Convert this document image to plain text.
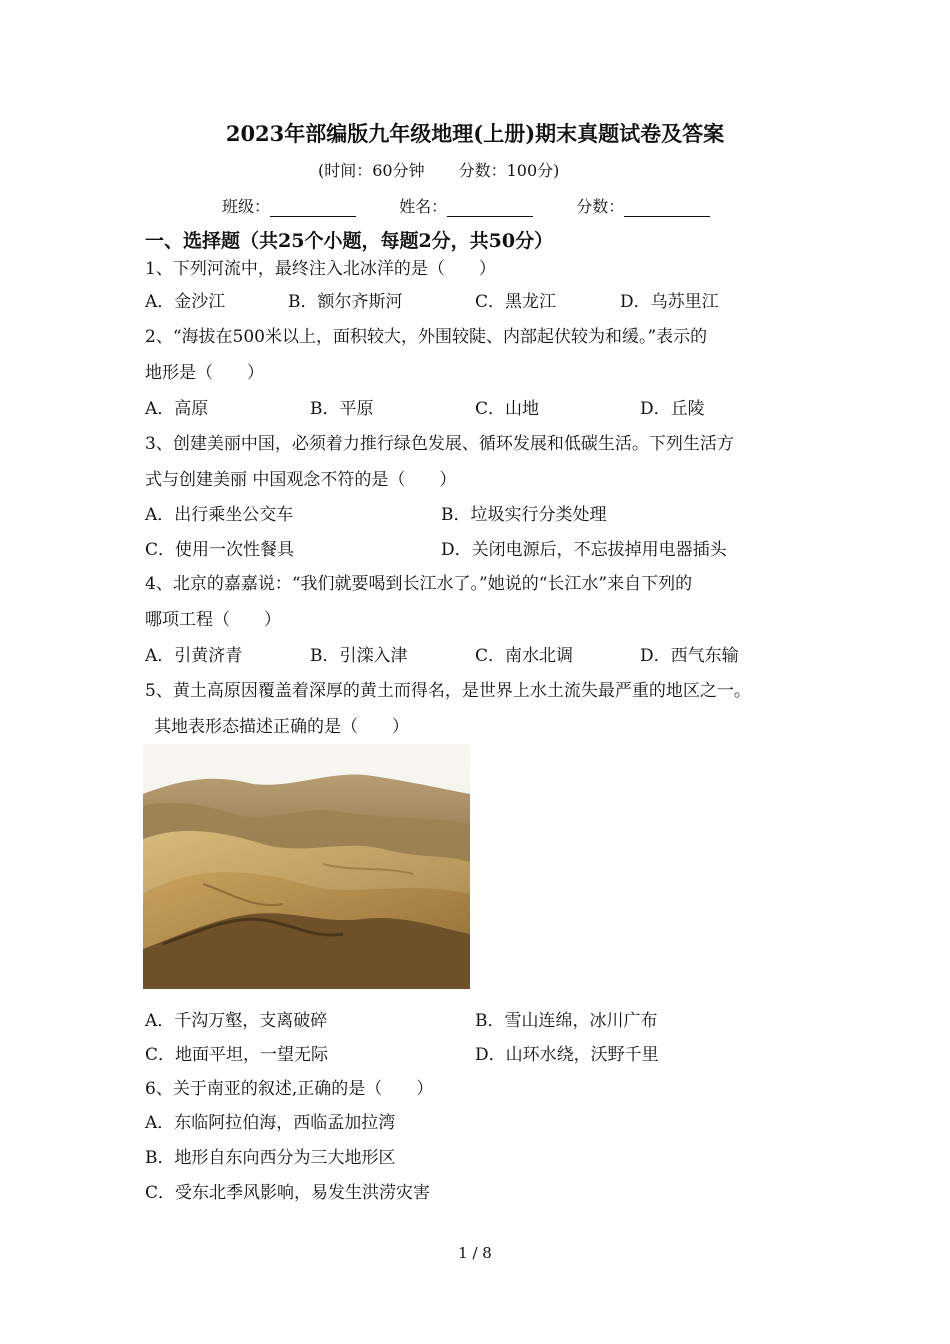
2023年部编版九年级地理(上册)期末真题试卷及答案
(时间：60分钟 分数：100分)
班级：	姓名：	分数：
一、选择题（共25个小题，每题2分，共50分）
1、下列河流中，最终注入北冰洋的是（　　）
A．金沙江	B．额尔齐斯河	C．黑龙江	D．乌苏里江
2、“海拔在500米以上，面积较大，外围较陡、内部起伏较为和缓。”表示的
地形是（　　）
A．高原	B．平原	C．山地	D．丘陵
3、创建美丽中国，必须着力推行绿色发展、循环发展和低碳生活。下列生活方
式与创建美丽 中国观念不符的是（　　）
A．出行乘坐公交车	B．垃圾实行分类处理
C．使用一次性餐具	D．关闭电源后，不忘拔掉用电器插头
4、北京的嘉嘉说：“我们就要喝到长江水了。”她说的“长江水”来自下列的
哪项工程（　　）
A．引黄济青	B．引滦入津	C．南水北调	D．西气东输
5、黄土高原因覆盖着深厚的黄土而得名，是世界上水土流失最严重的地区之一。
其地表形态描述正确的是（　　）
A．千沟万壑，支离破碎	B．雪山连绵，冰川广布
C．地面平坦，一望无际	D．山环水绕，沃野千里
6、关于南亚的叙述,正确的是（　　）
A．东临阿拉伯海，西临孟加拉湾
B．地形自东向西分为三大地形区
C．受东北季风影响，易发生洪涝灾害
1 / 8
